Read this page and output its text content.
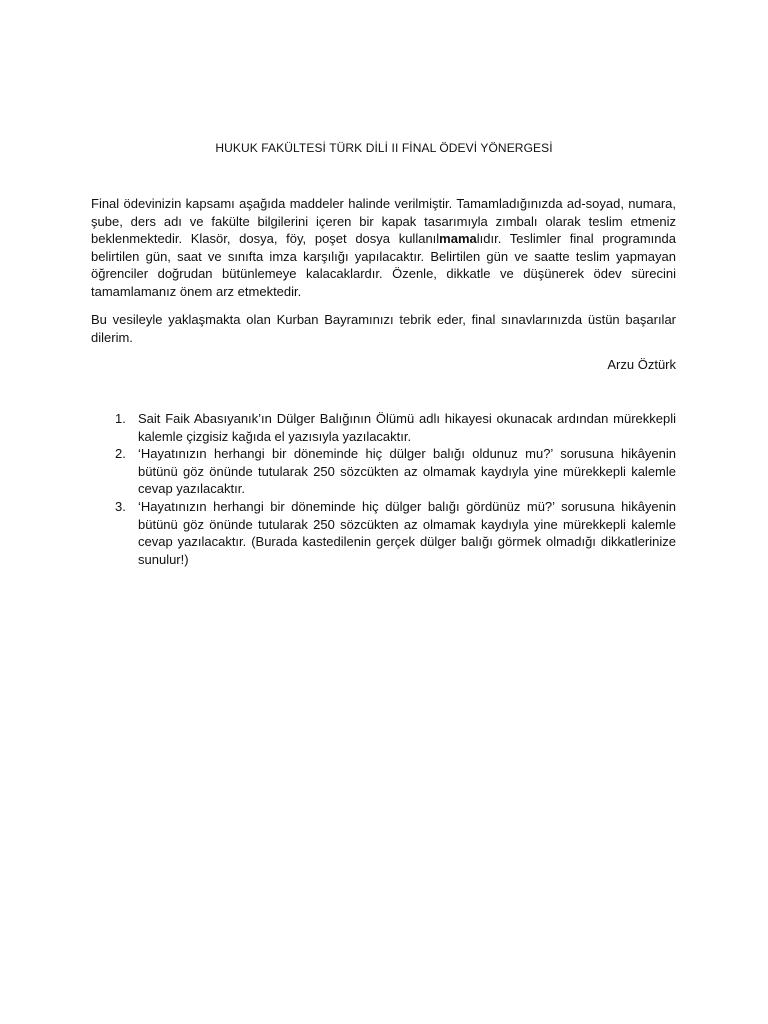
HUKUK FAKÜLTESİ TÜRK DİLİ II FİNAL ÖDEVİ YÖNERGESİ

Final ödevinizin kapsamı aşağıda maddeler halinde verilmiştir. Tamamladığınızda ad-soyad, numara, şube, ders adı ve fakülte bilgilerini içeren bir kapak tasarımıyla zımbalı olarak teslim etmeniz beklenmektedir. Klasör, dosya, föy, poşet dosya kullanılmamalıdır. Teslimler final programında belirtilen gün, saat ve sınıfta imza karşılığı yapılacaktır. Belirtilen gün ve saatte teslim yapmayan öğrenciler doğrudan bütünlemeye kalacaklardır. Özenle, dikkatle ve düşünerek ödev sürecini tamamlamanız önem arz etmektedir.

Bu vesileyle yaklaşmakta olan Kurban Bayramınızı tebrik eder, final sınavlarınızda üstün başarılar dilerim.

Arzu Öztürk
1. Sait Faik Abasıyanık’ın Dülger Balığının Ölümü adlı hikayesi okunacak ardından mürekkepli kalemle çizgisiz kağıda el yazısıyla yazılacaktır.
2. ‘Hayatınızın herhangi bir döneminde hiç dülger balığı oldunuz mu?’ sorusuna hikâyenin bütünü göz önünde tutularak 250 sözcükten az olmamak kaydıyla yine mürekkepli kalemle cevap yazılacaktır.
3. ‘Hayatınızın herhangi bir döneminde hiç dülger balığı gördünüz mü?’ sorusuna hikâyenin bütünü göz önünde tutularak 250 sözcükten az olmamak kaydıyla yine mürekkepli kalemle cevap yazılacaktır. (Burada kastedilenin gerçek dülger balığı görmek olmadığı dikkatlerinize sunulur!)
